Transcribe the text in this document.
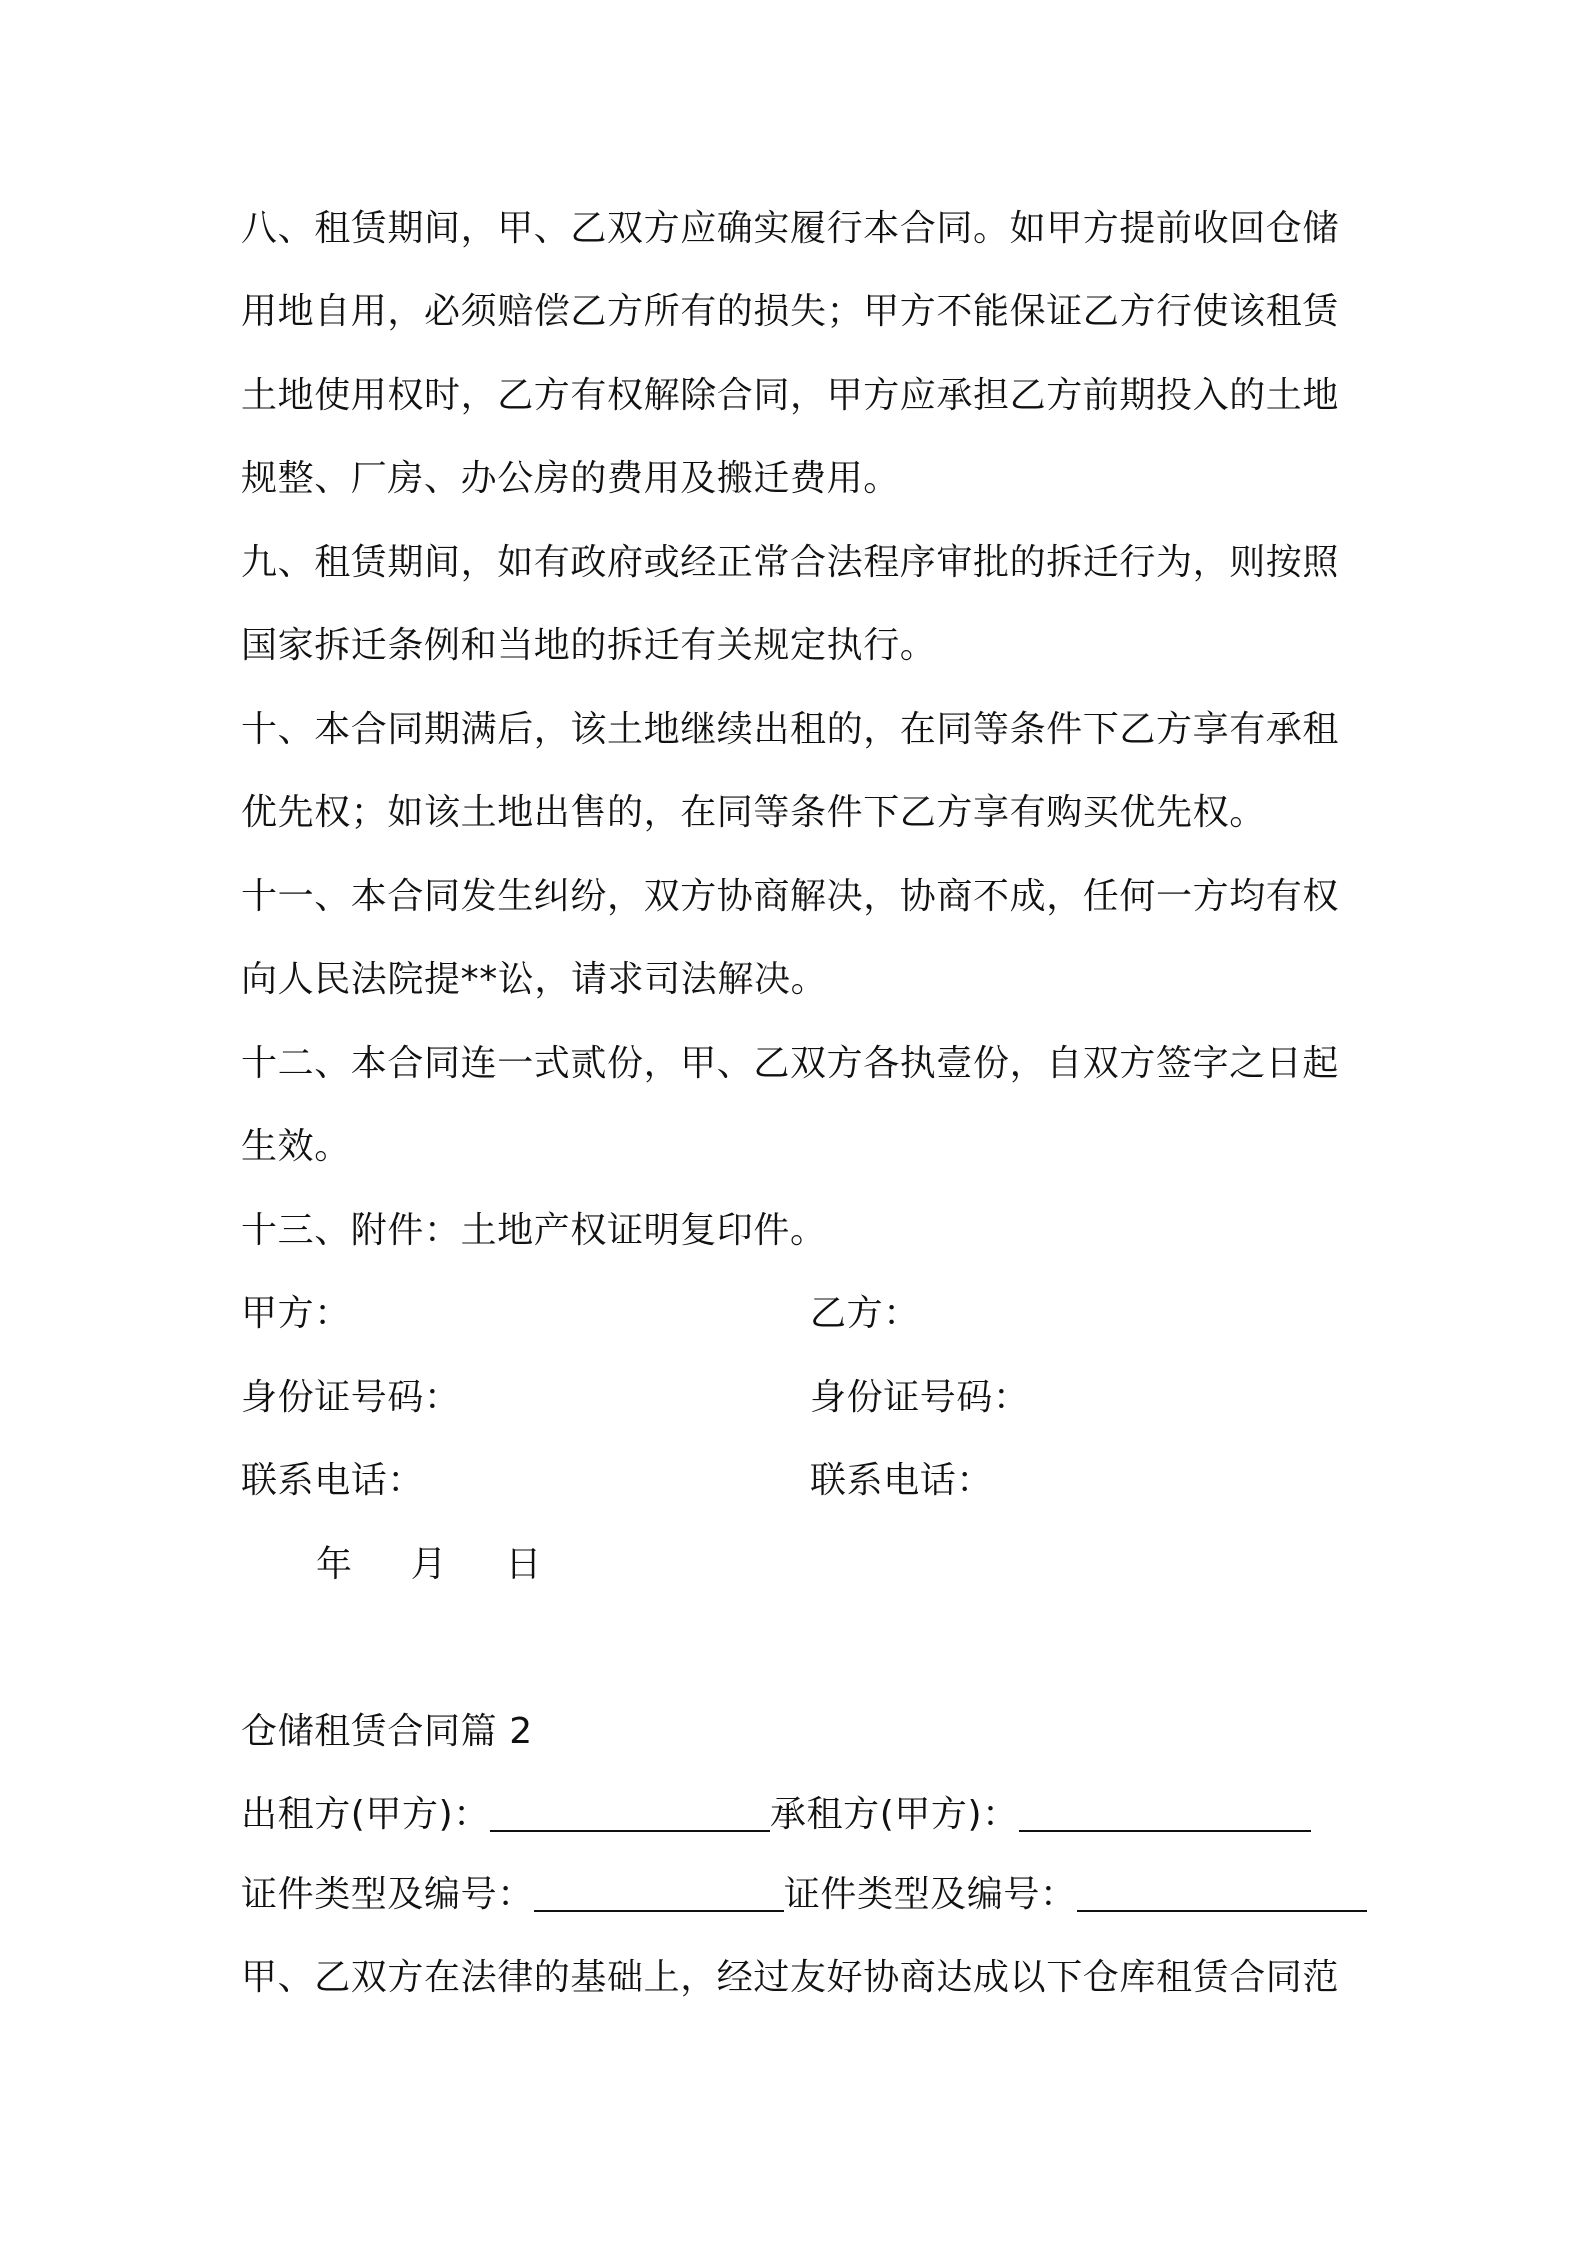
八、租赁期间，甲、乙双方应确实履行本合同。如甲方提前收回仓储
用地自用，必须赔偿乙方所有的损失；甲方不能保证乙方行使该租赁
土地使用权时，乙方有权解除合同，甲方应承担乙方前期投入的土地
规整、厂房、办公房的费用及搬迁费用。
九、租赁期间，如有政府或经正常合法程序审批的拆迁行为，则按照
国家拆迁条例和当地的拆迁有关规定执行。
十、本合同期满后，该土地继续出租的，在同等条件下乙方享有承租
优先权；如该土地出售的，在同等条件下乙方享有购买优先权。
十一、本合同发生纠纷，双方协商解决，协商不成，任何一方均有权
向人民法院提**讼，请求司法解决。
十二、本合同连一式贰份，甲、乙双方各执壹份，自双方签字之日起
生效。
十三、附件：土地产权证明复印件。
甲方：	乙方：
身份证号码：	身份证号码：
联系电话：	联系电话：
年 月 日
仓储租赁合同篇 2
出租方(甲方)：	承租方(甲方)：
证件类型及编号：	证件类型及编号：
甲、乙双方在法律的基础上，经过友好协商达成以下仓库租赁合同范
